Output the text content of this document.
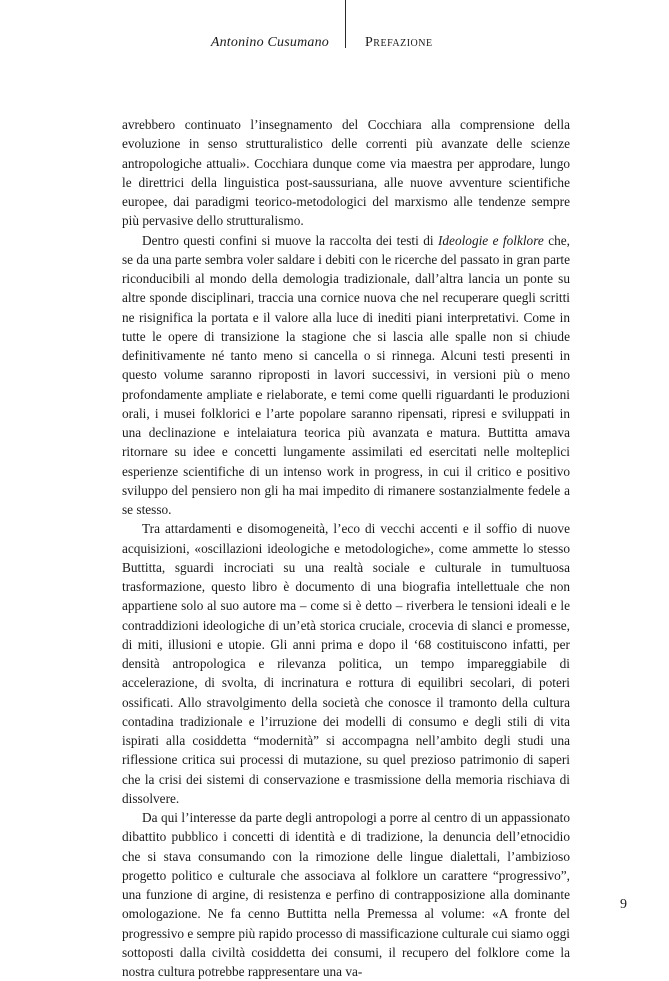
Antonino Cusumano	Prefazione

avrebbero continuato l’insegnamento del Cocchiara alla comprensione della evoluzione in senso strutturalistico delle correnti più avanzate delle scienze antropologiche attuali». Cocchiara dunque come via maestra per approdare, lungo le direttrici della linguistica post-saussuriana, alle nuove avventure scientifiche europee, dai paradigmi teorico-metodologici del marxismo alle tendenze sempre più pervasive dello strutturalismo.

Dentro questi confini si muove la raccolta dei testi di Ideologie e folklore che, se da una parte sembra voler saldare i debiti con le ricerche del passato in gran parte riconducibili al mondo della demologia tradizionale, dall’altra lancia un ponte su altre sponde disciplinari, traccia una cornice nuova che nel recuperare quegli scritti ne risignifica la portata e il valore alla luce di inediti piani interpretativi. Come in tutte le opere di transizione la stagione che si lascia alle spalle non si chiude definitivamente né tanto meno si cancella o si rinnega. Alcuni testi presenti in questo volume saranno riproposti in lavori successivi, in versioni più o meno profondamente ampliate e rielaborate, e temi come quelli riguardanti le produzioni orali, i musei folklorici e l’arte popolare saranno ripensati, ripresi e sviluppati in una declinazione e intelaiatura teorica più avanzata e matura. Buttitta amava ritornare su idee e concetti lungamente assimilati ed esercitati nelle molteplici esperienze scientifiche di un intenso work in progress, in cui il critico e positivo sviluppo del pensiero non gli ha mai impedito di rimanere sostanzialmente fedele a se stesso.

Tra attardamenti e disomogeneità, l’eco di vecchi accenti e il soffio di nuove acquisizioni, «oscillazioni ideologiche e metodologiche», come ammette lo stesso Buttitta, sguardi incrociati su una realtà sociale e culturale in tumultuosa trasformazione, questo libro è documento di una biografia intellettuale che non appartiene solo al suo autore ma – come si è detto – riverbera le tensioni ideali e le contraddizioni ideologiche di un’età storica cruciale, crocevia di slanci e promesse, di miti, illusioni e utopie. Gli anni prima e dopo il ‘68 costituiscono infatti, per densità antropologica e rilevanza politica, un tempo impareggiabile di accelerazione, di svolta, di incrinatura e rottura di equilibri secolari, di poteri ossificati. Allo stravolgimento della società che conosce il tramonto della cultura contadina tradizionale e l’irruzione dei modelli di consumo e degli stili di vita ispirati alla cosiddetta “modernità” si accompagna nell’ambito degli studi una riflessione critica sui processi di mutazione, su quel prezioso patrimonio di saperi che la crisi dei sistemi di conservazione e trasmissione della memoria rischiava di dissolvere.

Da qui l’interesse da parte degli antropologi a porre al centro di un appassionato dibattito pubblico i concetti di identità e di tradizione, la denuncia dell’etnocidio che si stava consumando con la rimozione delle lingue dialettali, l’ambizioso progetto politico e culturale che associava al folklore un carattere “progressivo”, una funzione di argine, di resistenza e perfino di contrapposizione alla dominante omologazione. Ne fa cenno Buttitta nella Premessa al volume: «A fronte del progressivo e sempre più rapido processo di massificazione culturale cui siamo oggi sottoposti dalla civiltà cosiddetta dei consumi, il recupero del folklore come la nostra cultura potrebbe rappresentare una va-

9
